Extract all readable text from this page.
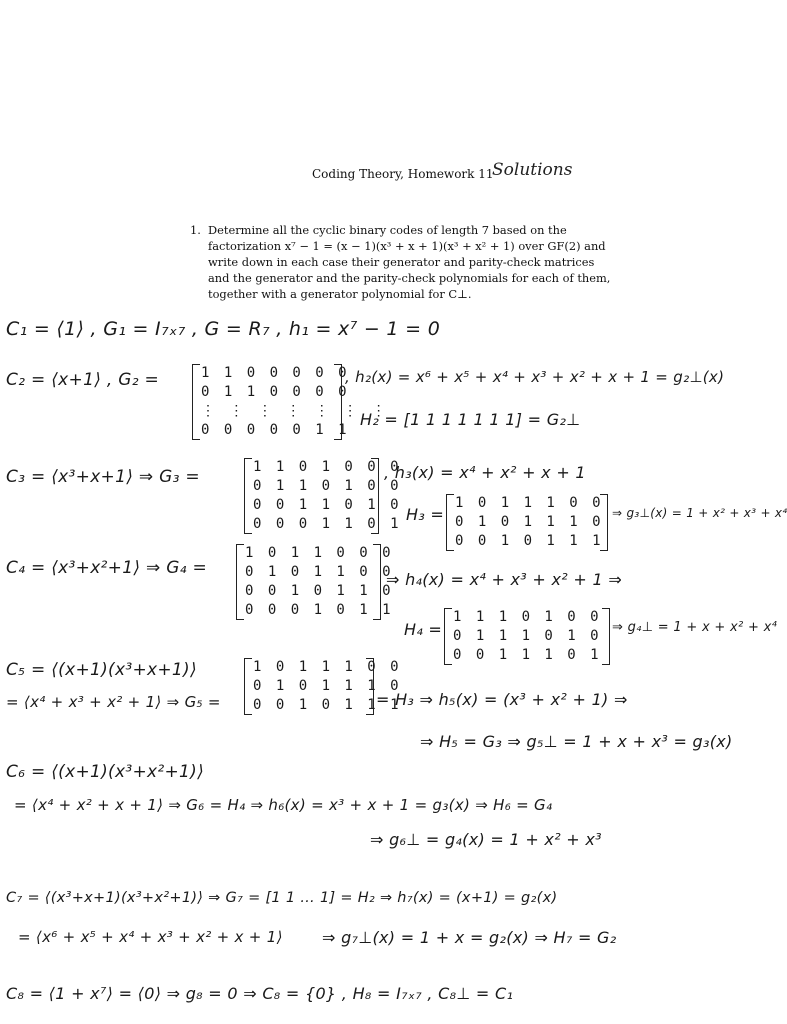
Coding Theory, Homework 11
Solutions
1. Determine all the cyclic binary codes of length 7 based on the factorization x⁷ − 1 = (x − 1)(x³ + x + 1)(x³ + x² + 1) over GF(2) and write down in each case their generator and parity-check matrices and the generator and the parity-check polynomials for each of them, together with a generator polynomial for C⊥.
C₁ = ⟨1⟩ , G₁ = I₇ₓ₇ , G = R₇ , h₁ = x⁷ − 1 = 0
C₂ = ⟨x+1⟩ , G₂ =	1 1 0 0 0 0 0
0 1 1 0 0 0 0
⋮ ⋮ ⋮ ⋮ ⋮ ⋮ ⋮
0 0 0 0 0 1 1
, h₂(x) = x⁶ + x⁵ + x⁴ + x³ + x² + x + 1 = g₂⊥(x)
H₂ = [1 1 1 1 1 1 1] = G₂⊥
C₃ = ⟨x³+x+1⟩ ⇒ G₃ =	1 1 0 1 0 0 0
0 1 1 0 1 0 0
0 0 1 1 0 1 0
0 0 0 1 1 0 1
, h₃(x) = x⁴ + x² + x + 1
H₃ =
1 0 1 1 1 0 0
0 1 0 1 1 1 0
0 0 1 0 1 1 1
⇒ g₃⊥(x) = 1 + x² + x³ + x⁴
C₄ = ⟨x³+x²+1⟩ ⇒ G₄ =
1 0 1 1 0 0 0
0 1 0 1 1 0 0
0 0 1 0 1 1 0
0 0 0 1 0 1 1
⇒ h₄(x) = x⁴ + x³ + x² + 1 ⇒
H₄ =
1 1 1 0 1 0 0
0 1 1 1 0 1 0
0 0 1 1 1 0 1
⇒ g₄⊥ = 1 + x + x² + x⁴
C₅ = ⟨(x+1)(x³+x+1)⟩
= ⟨x⁴ + x³ + x² + 1⟩ ⇒ G₅ =
1 0 1 1 1 0 0
0 1 0 1 1 1 0
0 0 1 0 1 1 1
= H₃ ⇒ h₅(x) = (x³ + x² + 1) ⇒
⇒ H₅ = G₃ ⇒ g₅⊥ = 1 + x + x³ = g₃(x)
C₆ = ⟨(x+1)(x³+x²+1)⟩
= ⟨x⁴ + x² + x + 1⟩ ⇒ G₆ = H₄ ⇒ h₆(x) = x³ + x + 1 = g₃(x) ⇒ H₆ = G₄
⇒ g₆⊥ = g₄(x) = 1 + x² + x³
C₇ = ⟨(x³+x+1)(x³+x²+1)⟩ ⇒ G₇ = [1 1 … 1] = H₂ ⇒ h₇(x) = (x+1) = g₂(x)
= ⟨x⁶ + x⁵ + x⁴ + x³ + x² + x + 1⟩ ⇒ g₇⊥(x) = 1 + x = g₂(x) ⇒ H₇ = G₂
C₈ = ⟨1 + x⁷⟩ = ⟨0⟩ ⇒ g₈ = 0 ⇒ C₈ = {0} , H₈ = I₇ₓ₇ , C₈⊥ = C₁
